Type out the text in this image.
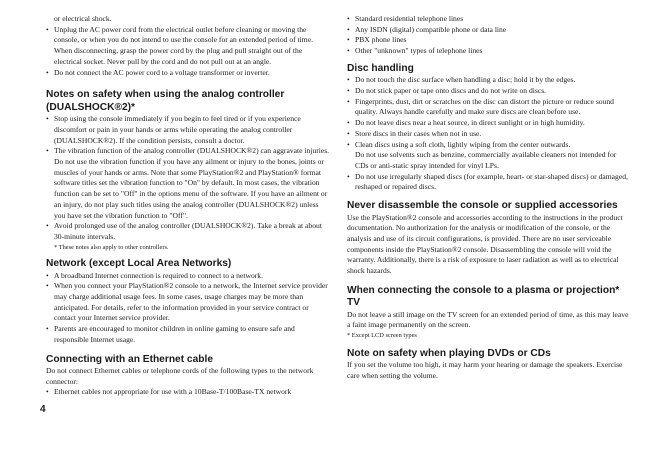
or electrical shock.

• Unplug the AC power cord from the electrical outlet before cleaning or moving the console, or when you do not intend to use the console for an extended period of time. When disconnecting, grasp the power cord by the plug and pull straight out of the electrical socket. Never pull by the cord and do not pull out at an angle.
• Do not connect the AC power cord to a voltage transformer or inverter.
Notes on safety when using the analog controller
(DUALSHOCK®2)*
• Stop using the console immediately if you begin to feel tired or if you experience discomfort or pain in your hands or arms while operating the analog controller (DUALSHOCK®2). If the condition persists, consult a doctor.
• The vibration function of the analog controller (DUALSHOCK®2) can aggravate injuries. Do not use the vibration function if you have any ailment or injury to the bones, joints or muscles of your hands or arms. Note that some PlayStation®2 and PlayStation® format software titles set the vibration function to "On" by default. In most cases, the vibration function can be set to "Off" in the options menu of the software. If you have an ailment or an injury, do not play such titles using the analog controller (DUALSHOCK®2) unless you have set the vibration function to "Off".
• Avoid prolonged use of the analog controller (DUALSHOCK®2). Take a break at about 30-minute intervals.

* These notes also apply to other controllers.

Network (except Local Area Networks)
• A broadband Internet connection is required to connect to a network.
• When you connect your PlayStation®2 console to a network, the Internet service provider may charge additional usage fees. In some cases, usage charges may be more than anticipated. For details, refer to the information provided in your service contract or contact your Internet service provider.
• Parents are encouraged to monitor children in online gaming to ensure safe and responsible Internet usage.
Connecting with an Ethernet cable

Do not connect Ethernet cables or telephone cords of the following types to the network connector:

• Ethernet cables not appropriate for use with a 10Base-T/100Base-TX network
• Standard residential telephone lines
• Any ISDN (digital) compatible phone or data line
• PBX phone lines
• Other "unknown" types of telephone lines
Disc handling
• Do not touch the disc surface when handling a disc; hold it by the edges.
• Do not stick paper or tape onto discs and do not write on discs.
• Fingerprints, dust, dirt or scratches on the disc can distort the picture or reduce sound quality. Always handle carefully and make sure discs are clean before use.
• Do not leave discs near a heat source, in direct sunlight or in high humidity.
• Store discs in their cases when not in use.
• Clean discs using a soft cloth, lightly wiping from the center outwards.
Do not use solvents such as benzine, commercially available cleaners not intended for CDs or anti-static spray intended for vinyl LPs.
• Do not use irregularly shaped discs (for example, heart- or star-shaped discs) or damaged, reshaped or repaired discs.
Never disassemble the console or supplied accessories

Use the PlayStation®2 console and accessories according to the instructions in the product documentation. No authorization for the analysis or modification of the console, or the analysis and use of its circuit configurations, is provided. There are no user serviceable components inside the PlayStation®2 console. Disassembling the console will void the warranty. Additionally, there is a risk of exposure to laser radiation as well as to electrical shock hazards.

When connecting the console to a plasma or projection* TV

Do not leave a still image on the TV screen for an extended period of time, as this may leave a faint image permanently on the screen.

* Except LCD screen types

Note on safety when playing DVDs or CDs

If you set the volume too high, it may harm your hearing or damage the speakers. Exercise care when setting the volume.

4
